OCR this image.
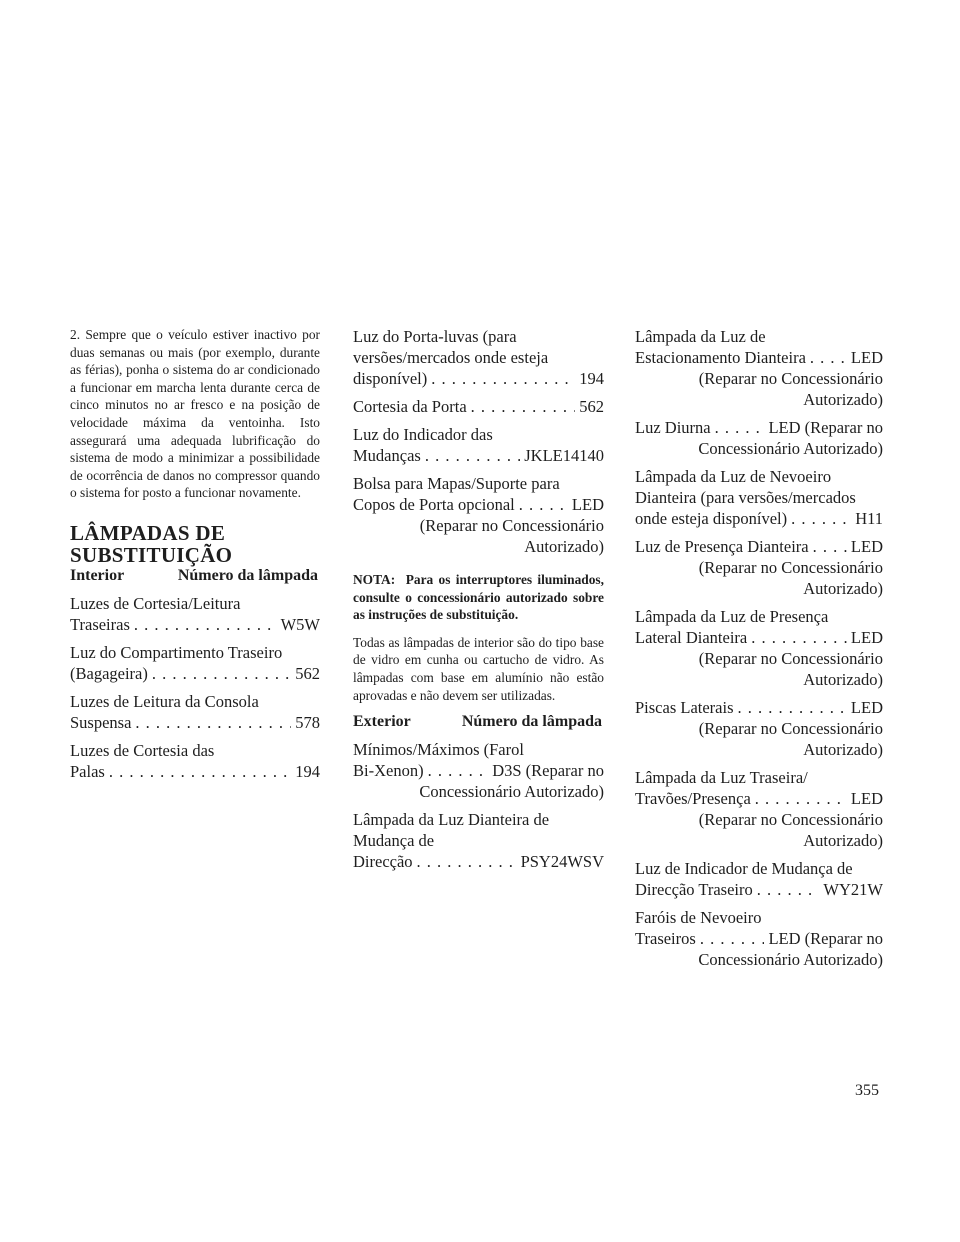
2. Sempre que o veículo estiver inactivo por duas semanas ou mais (por exemplo, durante as férias), ponha o sistema do ar condicionado a funcionar em marcha lenta durante cerca de cinco minutos no ar fresco e na posição de velocidade máxima da ventoinha. Isto assegurará uma adequada lubrificação do sistema de modo a minimizar a possibilidade de ocorrência de danos no compressor quando o sistema for posto a funcionar novamente.

LÂMPADAS DE SUBSTITUIÇÃO
Interior	Número da lâmpada
Luzes de Cortesia/Leitura
Traseiras . . .	W5W
Luz do Compartimento Traseiro
(Bagageira) . . .	562
Luzes de Leitura da Consola
Suspensa . . .	578
Luzes de Cortesia das
Palas . . .	194
Luz do Porta-luvas (para versões/mercados onde esteja
disponível) . . .	194
Cortesia da Porta . . .	562
Luz do Indicador das
Mudanças . . .	JKLE14140
Bolsa para Mapas/Suporte para
Copos de Porta opcional . . .	LED
(Reparar no Concessionário
Autorizado)

NOTA: Para os interruptores iluminados, consulte o concessionário autorizado sobre as instruções de substituição.

Todas as lâmpadas de interior são do tipo base de vidro em cunha ou cartucho de vidro. As lâmpadas com base em alumínio não estão aprovadas e não devem ser utilizadas.

Exterior	Número da lâmpada
Mínimos/Máximos (Farol
Bi-Xenon) . . .	D3S (Reparar no
Concessionário Autorizado)
Lâmpada da Luz Dianteira de Mudança de
Direcção . . .	PSY24WSV
Lâmpada da Luz de
Estacionamento Dianteira . . .	LED
(Reparar no Concessionário
Autorizado)
Luz Diurna . . .	LED (Reparar no
Concessionário Autorizado)
Lâmpada da Luz de Nevoeiro Dianteira (para versões/mercados
onde esteja disponível) . . .	H11
Luz de Presença Dianteira . . .	LED
(Reparar no Concessionário
Autorizado)
Lâmpada da Luz de Presença
Lateral Dianteira . . .	LED
(Reparar no Concessionário
Autorizado)
Piscas Laterais . . .	LED
(Reparar no Concessionário
Autorizado)
Lâmpada da Luz Traseira/
Travões/Presença . . .	LED
(Reparar no Concessionário
Autorizado)
Luz de Indicador de Mudança de
Direcção Traseiro . . .	WY21W
Faróis de Nevoeiro
Traseiros . . .	LED (Reparar no
Concessionário Autorizado)
355
